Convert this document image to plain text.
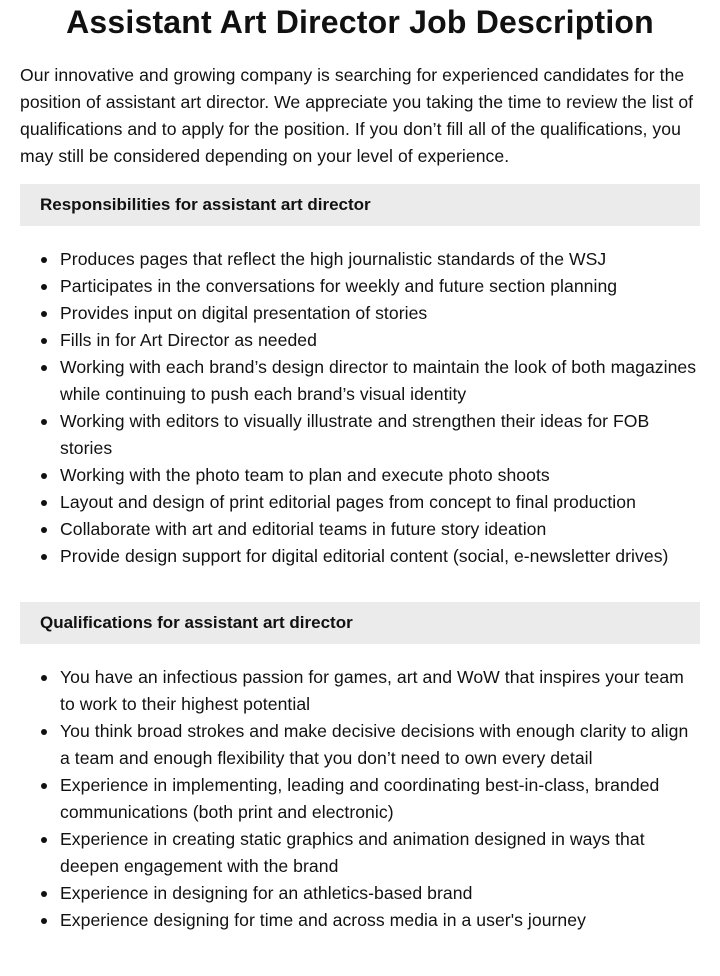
Assistant Art Director Job Description

Our innovative and growing company is searching for experienced candidates for the position of assistant art director. We appreciate you taking the time to review the list of qualifications and to apply for the position. If you don’t fill all of the qualifications, you may still be considered depending on your level of experience.

Responsibilities for assistant art director
Produces pages that reflect the high journalistic standards of the WSJ
Participates in the conversations for weekly and future section planning
Provides input on digital presentation of stories
Fills in for Art Director as needed
Working with each brand’s design director to maintain the look of both magazines while continuing to push each brand’s visual identity
Working with editors to visually illustrate and strengthen their ideas for FOB stories
Working with the photo team to plan and execute photo shoots
Layout and design of print editorial pages from concept to final production
Collaborate with art and editorial teams in future story ideation
Provide design support for digital editorial content (social, e-newsletter drives)
Qualifications for assistant art director
You have an infectious passion for games, art and WoW that inspires your team to work to their highest potential
You think broad strokes and make decisive decisions with enough clarity to align a team and enough flexibility that you don’t need to own every detail
Experience in implementing, leading and coordinating best-in-class, branded communications (both print and electronic)
Experience in creating static graphics and animation designed in ways that deepen engagement with the brand
Experience in designing for an athletics-based brand
Experience designing for time and across media in a user's journey
